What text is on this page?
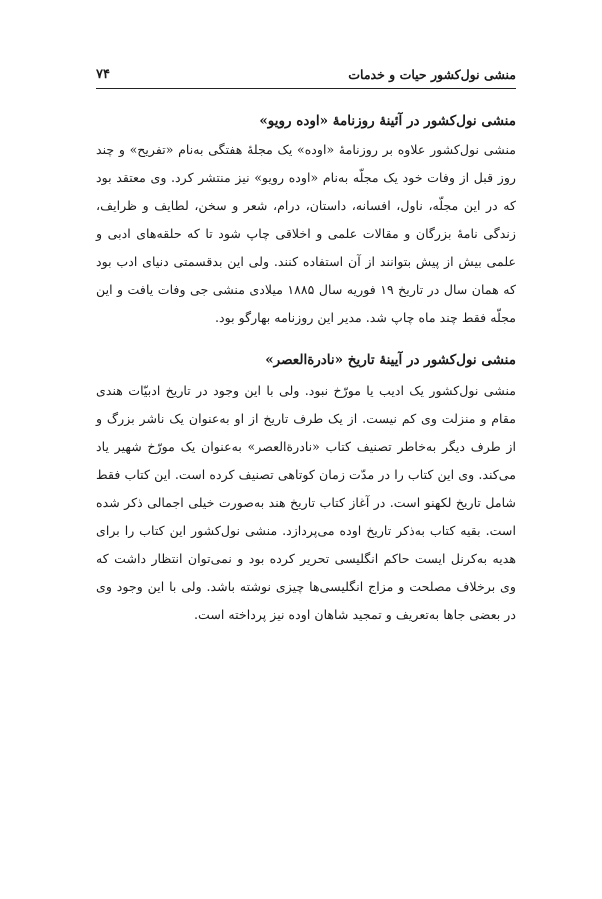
منشی نول‌کشور حیات و خدمات
۷۴
منشی نول‌کشور در آئینهٔ روزنامهٔ «اوده رویو»

منشی نول‌کشور علاوه بر روزنامهٔ «اوده» یک مجلهٔ هفتگی به‌نام «تفریح» و چند روز قبل از وفات خود یک مجلّه به‌نام «اوده رویو» نیز منتشر کرد. وی معتقد بود که در این مجلّه، ناول، افسانه، داستان، درام، شعر و سخن، لطایف و ظرایف، زندگی نامهٔ بزرگان و مقالات علمی و اخلاقی چاپ شود تا که حلقه‌های ادبی و علمی بیش از پیش بتوانند از آن استفاده کنند. ولی این بدقسمتی دنیای ادب بود که همان سال در تاریخ ۱۹ فوریه سال ۱۸۸۵ میلادی منشی جی وفات یافت و این مجلّه فقط چند ماه چاپ شد. مدیر این روزنامه بهارگو بود.

منشی نول‌کشور در آیینهٔ تاریخ «نادرةالعصر»

منشی نول‌کشور یک ادیب یا مورّخ نبود. ولی با این وجود در تاریخ ادبیّات هندی مقام و منزلت وی کم نیست. از یک طرف تاریخ از او به‌عنوان یک ناشر بزرگ و از طرف دیگر به‌خاطر تصنیف کتاب «نادرةالعصر» به‌عنوان یک مورّخ شهیر یاد می‌کند. وی این کتاب را در مدّت زمان کوتاهی تصنیف کرده است. این کتاب فقط شامل تاریخ لکهنو است. در آغاز کتاب تاریخ هند به‌صورت خیلی اجمالی ذکر شده است. بقیه کتاب به‌ذکر تاریخ اوده می‌پردازد. منشی نول‌کشور این کتاب را برای هدیه به‌کرنل ایست حاکم انگلیسی تحریر کرده بود و نمی‌توان انتظار داشت که وی برخلاف مصلحت و مزاج انگلیسی‌ها چیزی نوشته باشد. ولی با این وجود وی در بعضی جاها به‌تعریف و تمجید شاهان اوده نیز پرداخته است.
